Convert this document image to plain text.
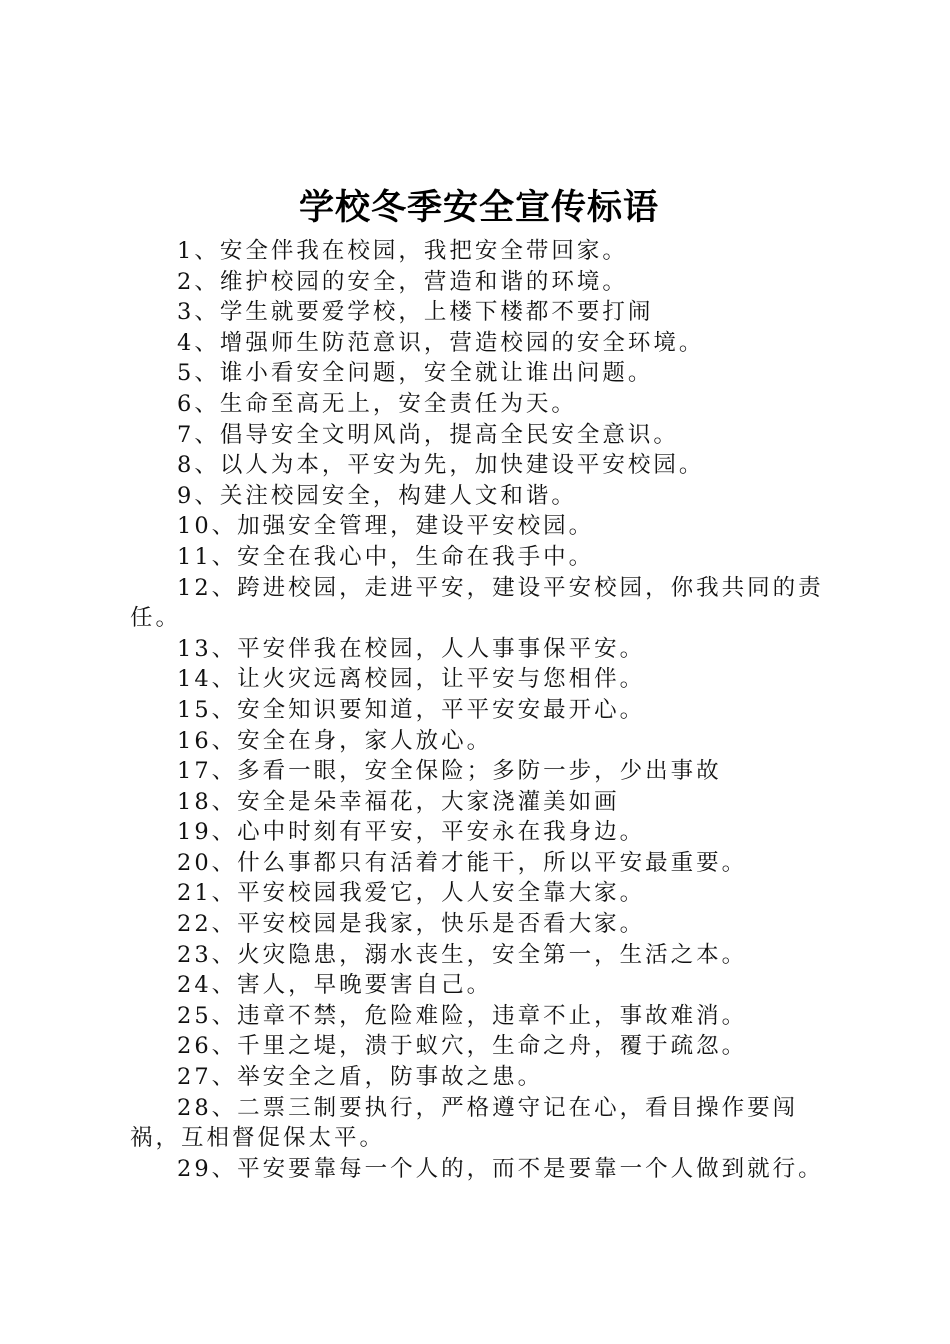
学校冬季安全宣传标语
1、安全伴我在校园，我把安全带回家。
2、维护校园的安全，营造和谐的环境。
3、学生就要爱学校，上楼下楼都不要打闹
4、增强师生防范意识，营造校园的安全环境。
5、谁小看安全问题，安全就让谁出问题。
6、生命至高无上，安全责任为天。
7、倡导安全文明风尚，提高全民安全意识。
8、以人为本，平安为先，加快建设平安校园。
9、关注校园安全，构建人文和谐。
10、加强安全管理，建设平安校园。
11、安全在我心中，生命在我手中。
12、跨进校园，走进平安，建设平安校园，你我共同的责任。
13、平安伴我在校园，人人事事保平安。
14、让火灾远离校园，让平安与您相伴。
15、安全知识要知道，平平安安最开心。
16、安全在身，家人放心。
17、多看一眼，安全保险；多防一步，少出事故
18、安全是朵幸福花，大家浇灌美如画
19、心中时刻有平安，平安永在我身边。
20、什么事都只有活着才能干，所以平安最重要。
21、平安校园我爱它，人人安全靠大家。
22、平安校园是我家，快乐是否看大家。
23、火灾隐患，溺水丧生，安全第一，生活之本。
24、害人，早晚要害自己。
25、违章不禁，危险难险，违章不止，事故难消。
26、千里之堤，溃于蚁穴，生命之舟，覆于疏忽。
27、举安全之盾，防事故之患。
28、二票三制要执行，严格遵守记在心，看目操作要闯祸，互相督促保太平。
29、平安要靠每一个人的，而不是要靠一个人做到就行。
